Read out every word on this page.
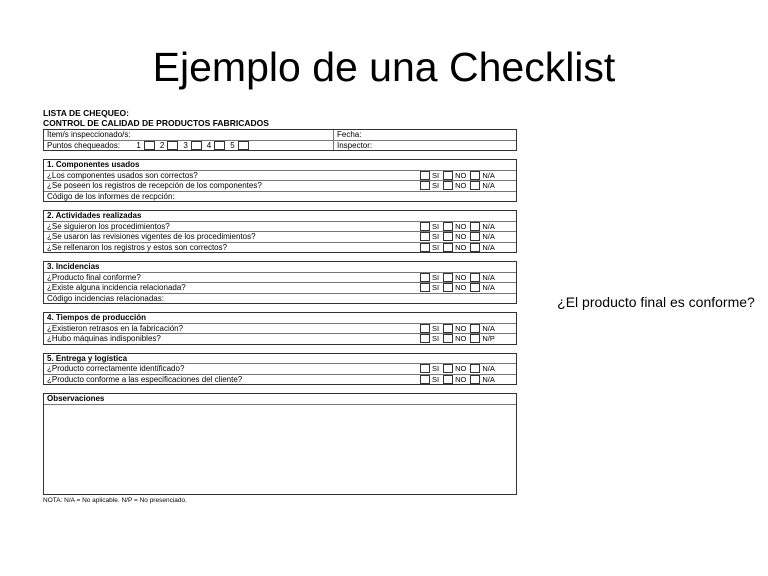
Ejemplo de una Checklist
LISTA DE CHEQUEO:
CONTROL DE CALIDAD DE PRODUCTOS FABRICADOS
Ítem/s inspeccionado/s:	Fecha:
Puntos chequeados: 1 2 3 4 5	Inspector:
1. Componentes usados
¿Los componentes usados son correctos?	SI NO N/A
¿Se poseen los registros de recepción de los componentes?	SI NO N/A
Código de los informes de recpción:
2. Actividades realizadas
¿Se siguieron los procedimientos?	SI NO N/A
¿Se usaron las revisiones vigentes de los procedimientos?	SI NO N/A
¿Se rellenaron los registros y estos son correctos?	SI NO N/A
3. Incidencias
¿Producto final conforme?	SI NO N/A
¿Existe alguna incidencia relacionada?	SI NO N/A
Código incidencias relacionadas:
4. Tiempos de producción
¿Existieron retrasos en la fabricación?	SI NO N/A
¿Hubo máquinas indisponibles?	SI NO N/P
5. Entrega y logística
¿Producto correctamente identificado?	SI NO N/A
¿Producto conforme a las especificaciones del cliente?	SI NO N/A
Observaciones
NOTA: N/A = No aplicable. N/P = No presenciado.
¿El producto final es conforme?
